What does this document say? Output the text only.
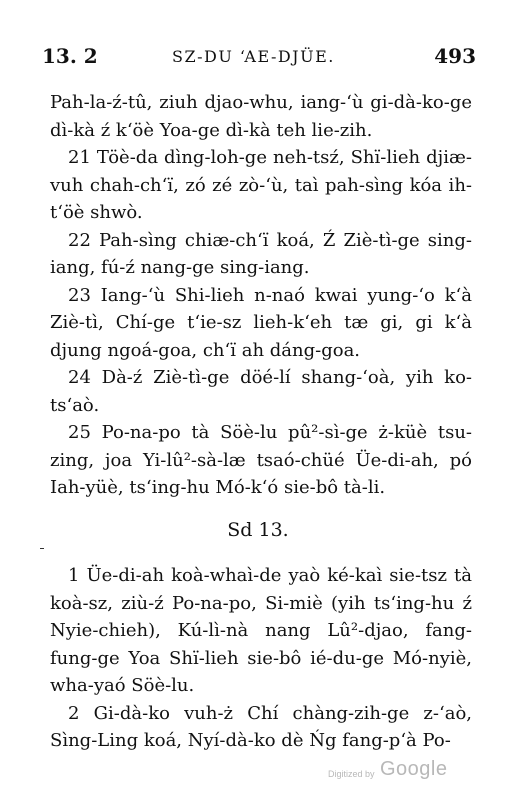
13. 2	SZ-DU ‘AE-DJÜE.	493

Pah-la-ź-tû, ziuh djao-whu, iang-‘ù gi-dà-ko-ge dì-kà ź k‘öè Yoa-ge dì-kà teh lie-zih.

21 Töè-da dìng-loh-ge neh-tsź, Shï-lieh djiæ-vuh chah-ch‘ï, zó zé zò-‘ù, taì pah-sìng kóa ih-t‘öè shwò.

22 Pah-sìng chiæ-ch‘ï koá, Ź Ziè-tì-ge sing-iang, fú-ź nang-ge sing-iang.

23 Iang-‘ù Shi-lieh n-naó kwai yung-‘o k‘à Ziè-tì, Chí-ge t‘ie-sz lieh-k‘eh tæ gi, gi k‘à djung ngoá-goa, ch‘ï ah dáng-goa.

24 Dà-ź Ziè-tì-ge döé-lí shang-‘oà, yih ko-ts‘aò.

25 Po-na-po tà Söè-lu pû²-sì-ge ż-küè tsu-zing, joa Yi-lû²-sà-læ tsaó-chüé Üe-di-ah, pó Iah-yüè, ts‘ing-hu Mó-k‘ó sie-bô tà-li.

Sd 13.

1 Üe-di-ah koà-whaì-de yaò ké-kaì sie-tsz tà koà-sz, ziù-ź Po-na-po, Si-miè (yih ts‘ing-hu ź Nyie-chieh), Kú-lì-nà nang Lû²-djao, fang-fung-ge Yoa Shï-lieh sie-bô ié-du-ge Mó-nyiè, wha-yaó Söè-lu.

2 Gi-dà-ko vuh-ż Chí chàng-zih-ge z-‘aò, Sìng-Ling koá, Nyí-dà-ko dè Ńg fang-p‘à Po-

Digitized by Google
